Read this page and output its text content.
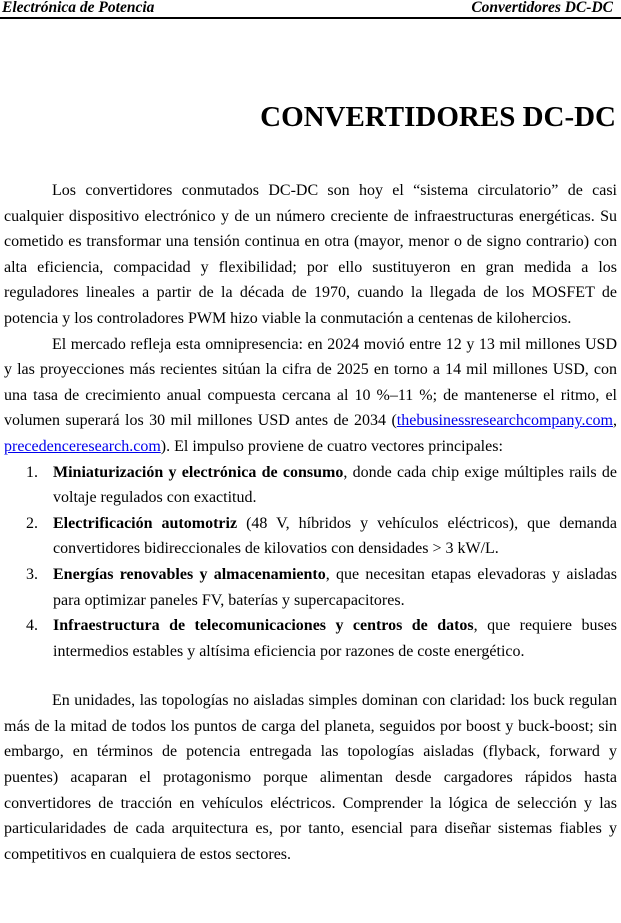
Electrónica de Potencia	Convertidores DC-DC
CONVERTIDORES DC-DC

Los convertidores conmutados DC-DC son hoy el “sistema circulatorio” de casi cualquier dispositivo electrónico y de un número creciente de infraestructuras energéticas. Su cometido es transformar una tensión continua en otra (mayor, menor o de signo contrario) con alta eficiencia, compacidad y flexibilidad; por ello sustituyeron en gran medida a los reguladores lineales a partir de la década de 1970, cuando la llegada de los MOSFET de potencia y los controladores PWM hizo viable la conmutación a centenas de kilohercios.

El mercado refleja esta omnipresencia: en 2024 movió entre 12 y 13 mil millones USD y las proyecciones más recientes sitúan la cifra de 2025 en torno a 14 mil millones USD, con una tasa de crecimiento anual compuesta cercana al 10 %–11 %; de mantenerse el ritmo, el volumen superará los 30 mil millones USD antes de 2034 (thebusinessresearchcompany.com, precedenceresearch.com). El impulso proviene de cuatro vectores principales:

1. Miniaturización y electrónica de consumo, donde cada chip exige múltiples rails de voltaje regulados con exactitud.
2. Electrificación automotriz (48 V, híbridos y vehículos eléctricos), que demanda convertidores bidireccionales de kilovatios con densidades > 3 kW/L.
3. Energías renovables y almacenamiento, que necesitan etapas elevadoras y aisladas para optimizar paneles FV, baterías y supercapacitores.
4. Infraestructura de telecomunicaciones y centros de datos, que requiere buses intermedios estables y altísima eficiencia por razones de coste energético.

En unidades, las topologías no aisladas simples dominan con claridad: los buck regulan más de la mitad de todos los puntos de carga del planeta, seguidos por boost y buck-boost; sin embargo, en términos de potencia entregada las topologías aisladas (flyback, forward y puentes) acaparan el protagonismo porque alimentan desde cargadores rápidos hasta convertidores de tracción en vehículos eléctricos. Comprender la lógica de selección y las particularidades de cada arquitectura es, por tanto, esencial para diseñar sistemas fiables y competitivos en cualquiera de estos sectores.
